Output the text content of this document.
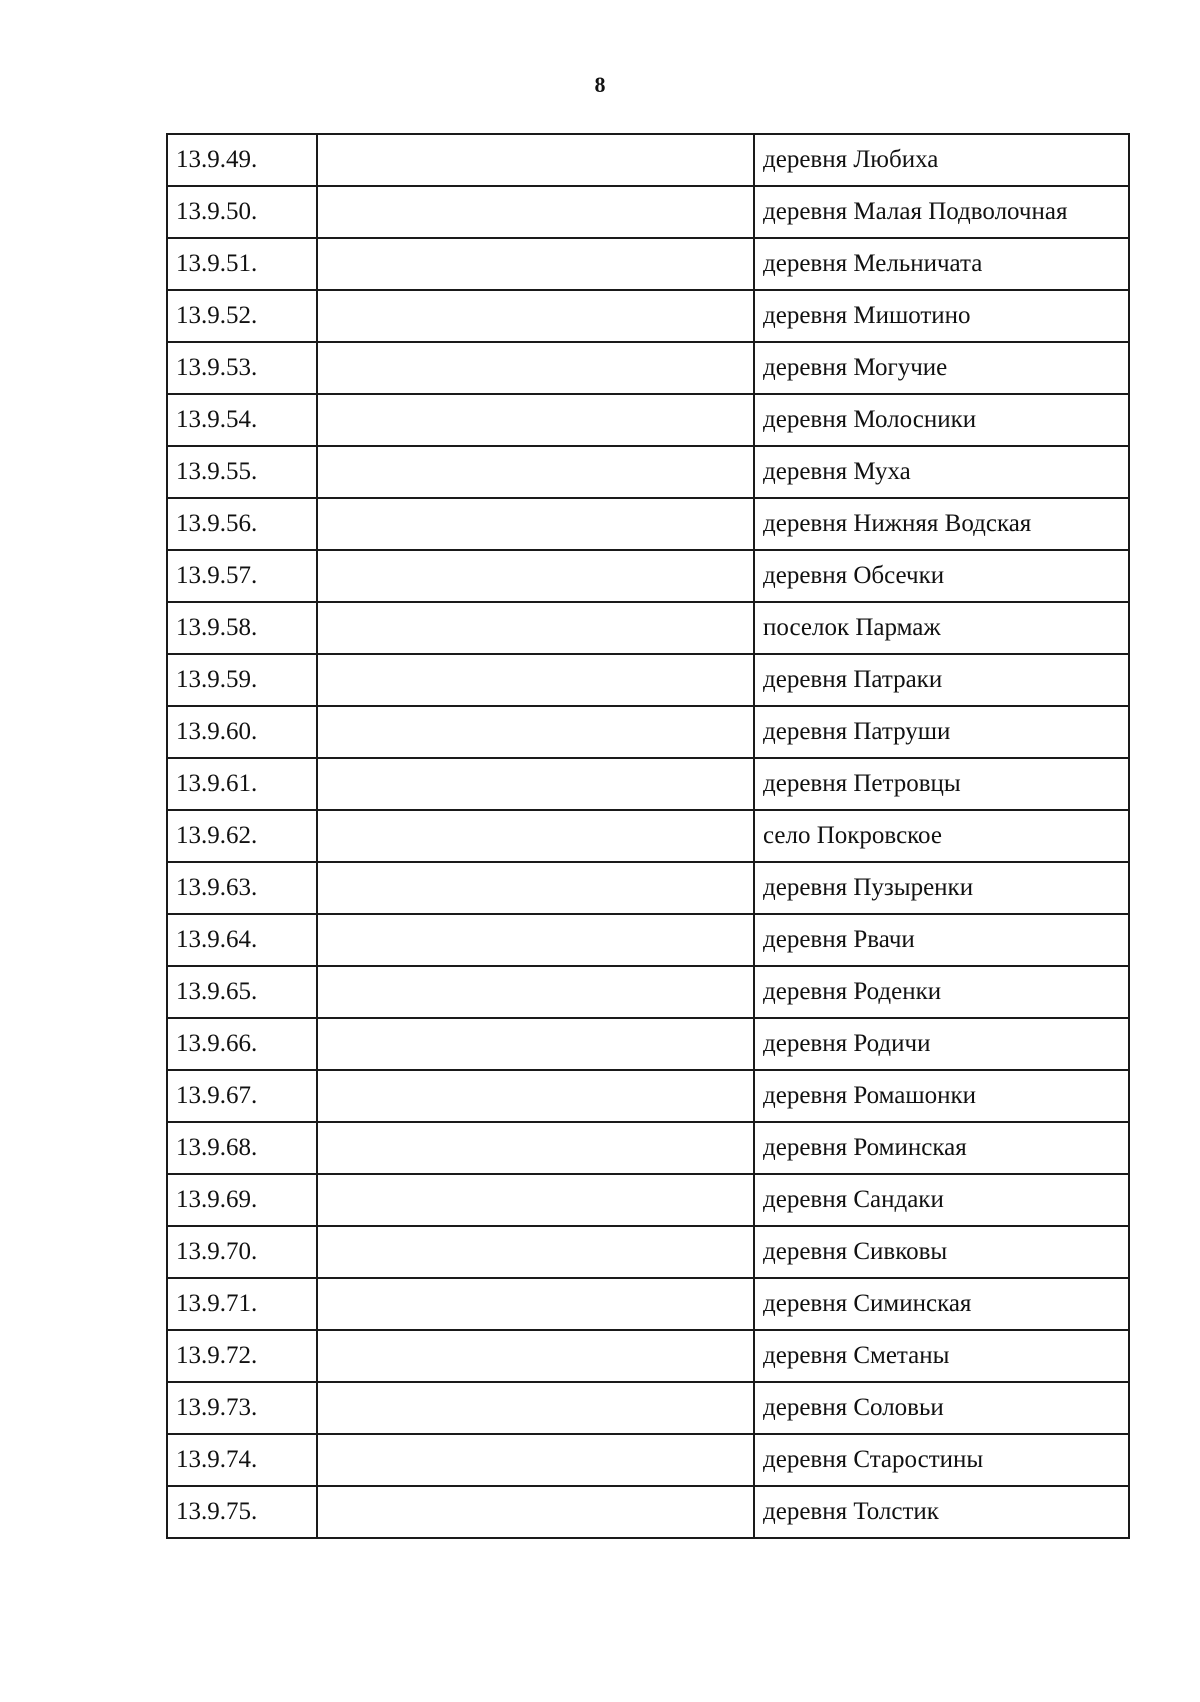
8
13.9.49.		деревня Любиха
13.9.50.		деревня Малая Подволочная
13.9.51.		деревня Мельничата
13.9.52.		деревня Мишотино
13.9.53.		деревня Могучие
13.9.54.		деревня Молосники
13.9.55.		деревня Муха
13.9.56.		деревня Нижняя Водская
13.9.57.		деревня Обсечки
13.9.58.		поселок Пармаж
13.9.59.		деревня Патраки
13.9.60.		деревня Патруши
13.9.61.		деревня Петровцы
13.9.62.		село Покровское
13.9.63.		деревня Пузыренки
13.9.64.		деревня Рвачи
13.9.65.		деревня Роденки
13.9.66.		деревня Родичи
13.9.67.		деревня Ромашонки
13.9.68.		деревня Роминская
13.9.69.		деревня Сандаки
13.9.70.		деревня Сивковы
13.9.71.		деревня Симинская
13.9.72.		деревня Сметаны
13.9.73.		деревня Соловьи
13.9.74.		деревня Старостины
13.9.75.		деревня Толстик
